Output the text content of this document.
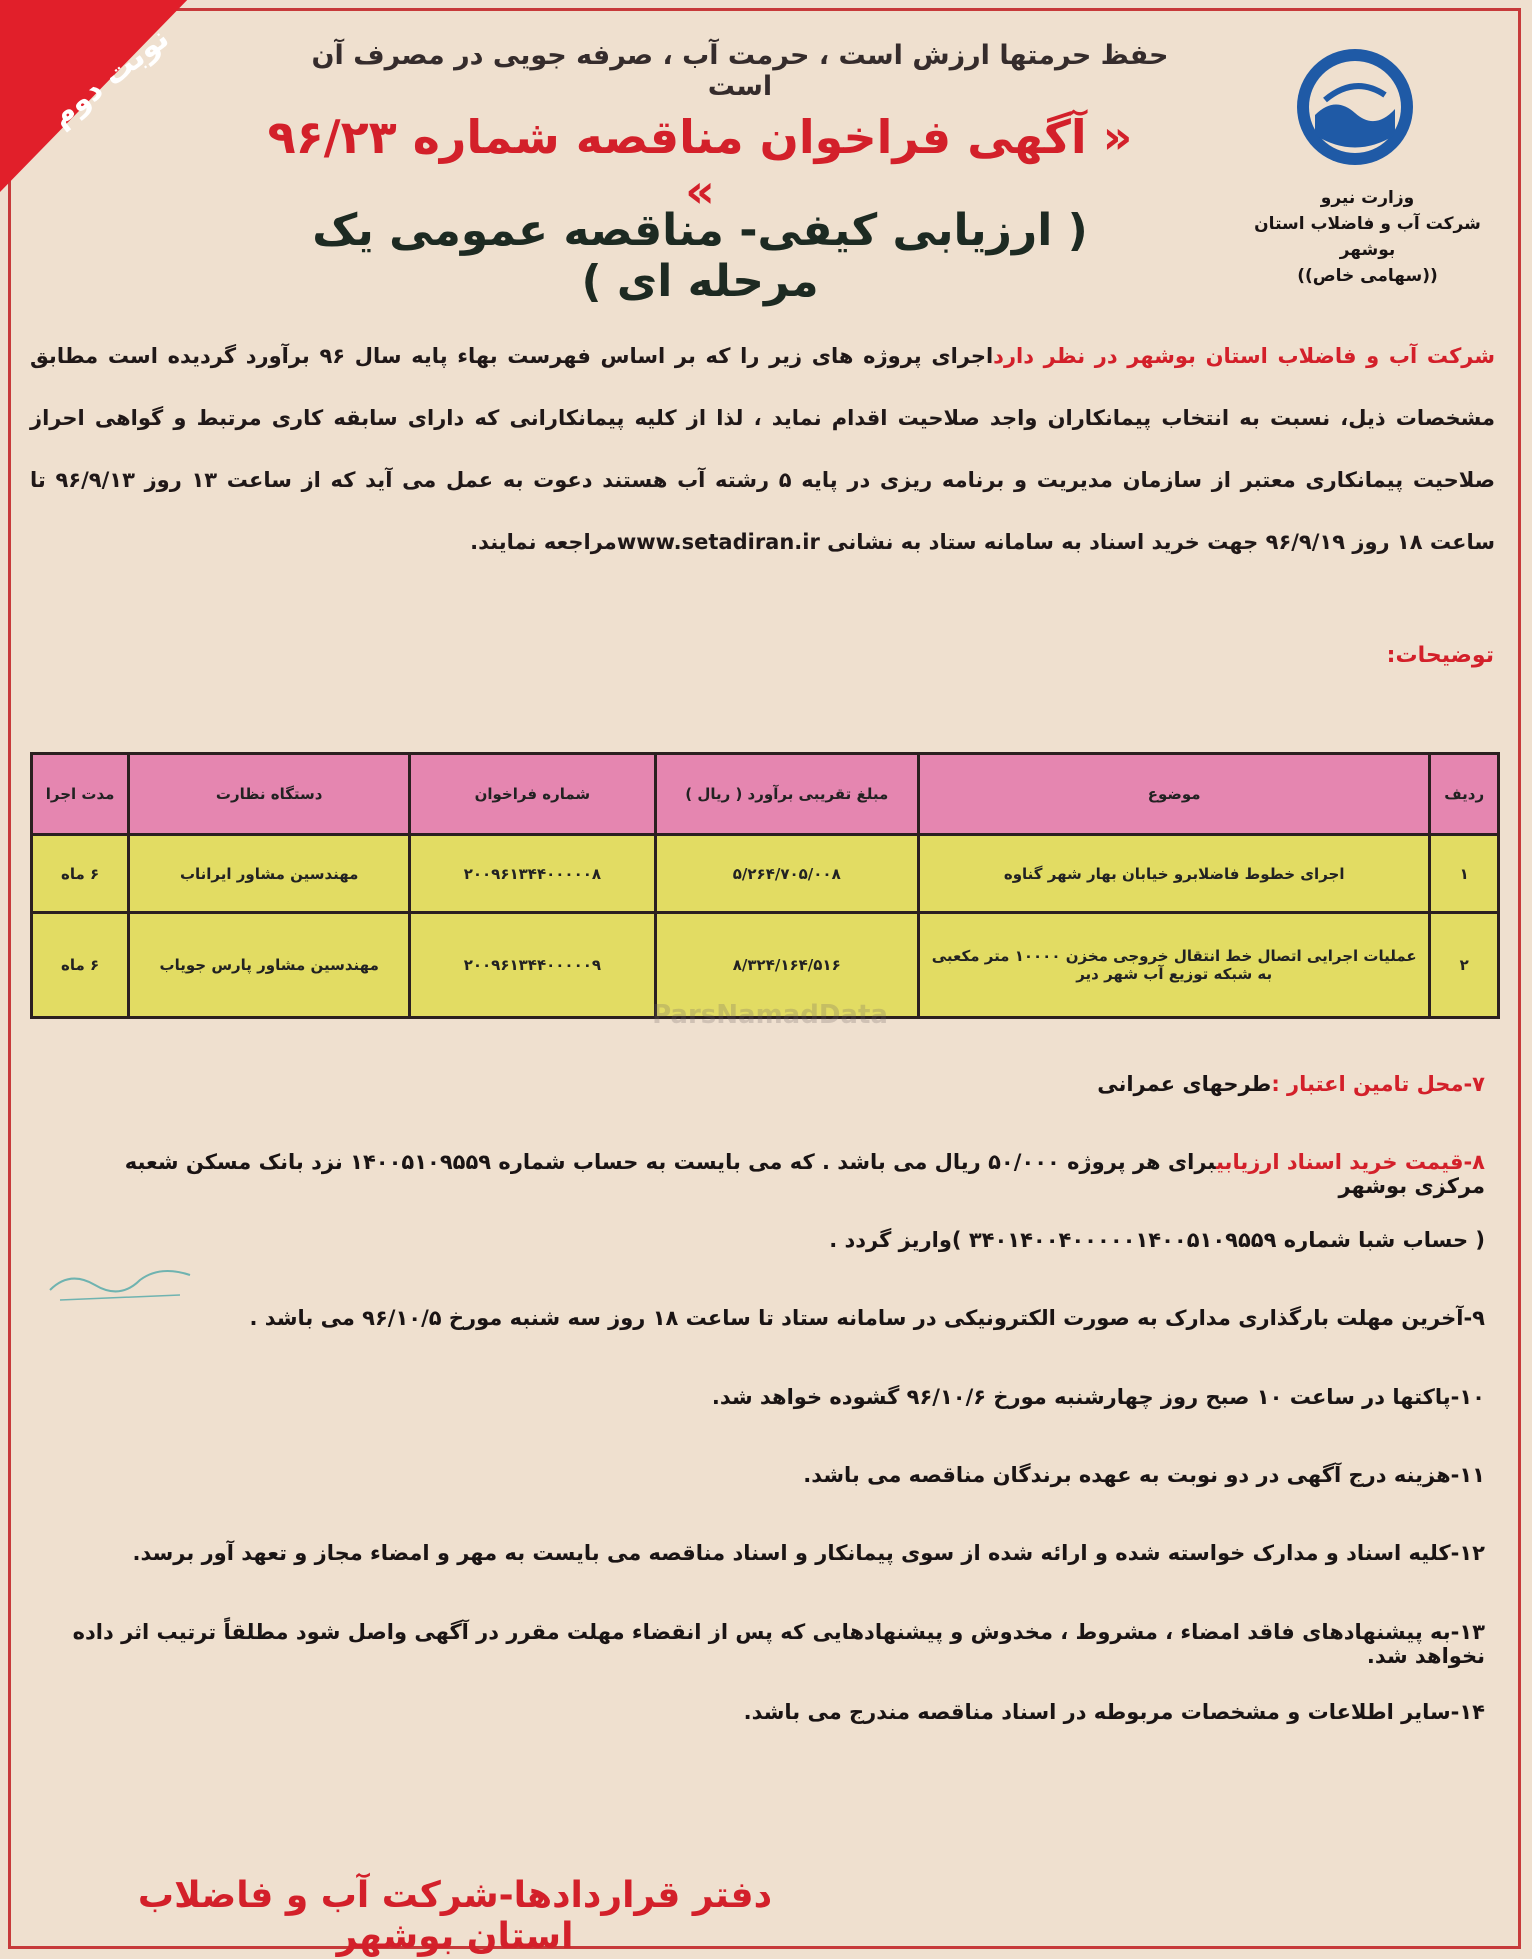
نوبت دوم
وزارت نیرو
شرکت آب و فاضلاب استان بوشهر
((سهامی خاص))
حفظ حرمتها ارزش است ، حرمت آب ، صرفه جویی در مصرف آن است
« آگهی فراخوان مناقصه شماره ۹۶/۲۳ »
( ارزیابی کیفی- مناقصه عمومی یک مرحله ای )
شرکت آب و فاضلاب استان بوشهر در نظر دارداجرای پروژه های زیر را که بر اساس فهرست بهاء پایه سال ۹۶ برآورد گردیده است مطابق مشخصات ذیل، نسبت به انتخاب پیمانکاران واجد صلاحیت اقدام نماید ، لذا از کلیه پیمانکارانی که دارای سابقه کاری مرتبط و گواهی احراز صلاحیت پیمانکاری معتبر از سازمان مدیریت و برنامه ریزی در پایه ۵ رشته آب هستند دعوت به عمل می آید که از ساعت ۱۳ روز ۹۶/۹/۱۳ تا ساعت ۱۸ روز ۹۶/۹/۱۹ جهت خرید اسناد به سامانه ستاد به نشانی www.setadiran.irمراجعه نمایند.
توضیحات:
ردیف	موضوع	مبلغ تقریبی برآورد ( ریال )	شماره فراخوان	دستگاه نظارت	مدت اجرا
۱	اجرای خطوط فاضلابرو خیابان بهار شهر گناوه	۵/۲۶۴/۷۰۵/۰۰۸	۲۰۰۹۶۱۳۴۴۰۰۰۰۰۸	مهندسین مشاور ایراناب	۶ ماه
۲	عملیات اجرایی اتصال خط انتقال خروجی مخزن ۱۰۰۰۰ متر مکعبی به شبکه توزیع آب شهر دیر	۸/۳۲۴/۱۶۴/۵۱۶	۲۰۰۹۶۱۳۴۴۰۰۰۰۰۹	مهندسین مشاور پارس جویاب	۶ ماه
ParsNamadData
۷-محل تامین اعتبار :طرحهای عمرانی
۸-قیمت خرید اسناد ارزیابیبرای هر پروژه ۵۰/۰۰۰ ریال می باشد . که می بایست به حساب شماره ۱۴۰۰۵۱۰۹۵۵۹ نزد بانک مسکن شعبه مرکزی بوشهر
( حساب شبا شماره ۳۴۰۱۴۰۰۴۰۰۰۰۰۱۴۰۰۵۱۰۹۵۵۹ )واریز گردد .
۹-آخرین مهلت بارگذاری مدارک به صورت الکترونیکی در سامانه ستاد تا ساعت ۱۸ روز سه شنبه مورخ ۹۶/۱۰/۵ می باشد .
۱۰-پاکتها در ساعت ۱۰ صبح روز چهارشنبه مورخ ۹۶/۱۰/۶ گشوده خواهد شد.
۱۱-هزینه درج آگهی در دو نوبت به عهده برندگان مناقصه می باشد.
۱۲-کلیه اسناد و مدارک خواسته شده و ارائه شده از سوی پیمانکار و اسناد مناقصه می بایست به مهر و امضاء مجاز و تعهد آور برسد.
۱۳-به پیشنهادهای فاقد امضاء ، مشروط ، مخدوش و پیشنهادهایی که پس از انقضاء مهلت مقرر در آگهی واصل شود مطلقاً ترتیب اثر داده نخواهد شد.
۱۴-سایر اطلاعات و مشخصات مربوطه در اسناد مناقصه مندرج می باشد.
دفتر قراردادها-شرکت آب و فاضلاب استان بوشهر
